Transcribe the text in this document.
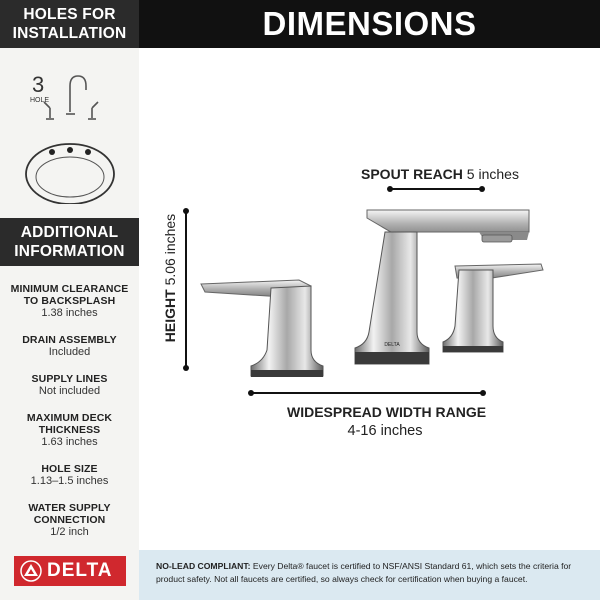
HOLES FOR
INSTALLATION
3
HOLE
ADDITIONAL
INFORMATION
MINIMUM CLEARANCE
TO BACKSPLASH
1.38 inches
DRAIN ASSEMBLY
Included
SUPPLY LINES
Not included
MAXIMUM DECK
THICKNESS
1.63 inches
HOLE SIZE
1.13–1.5 inches
WATER SUPPLY
CONNECTION
1/2 inch
DELTA
DIMENSIONS
DELTA
SPOUT REACH 5 inches
HEIGHT 5.06 inches
WIDESPREAD WIDTH RANGE
4-16 inches
NO-LEAD COMPLIANT: Every Delta® faucet is certified to NSF/ANSI Standard 61, which sets the criteria for product safety. Not all faucets are certified, so always check for certification when buying a faucet.
